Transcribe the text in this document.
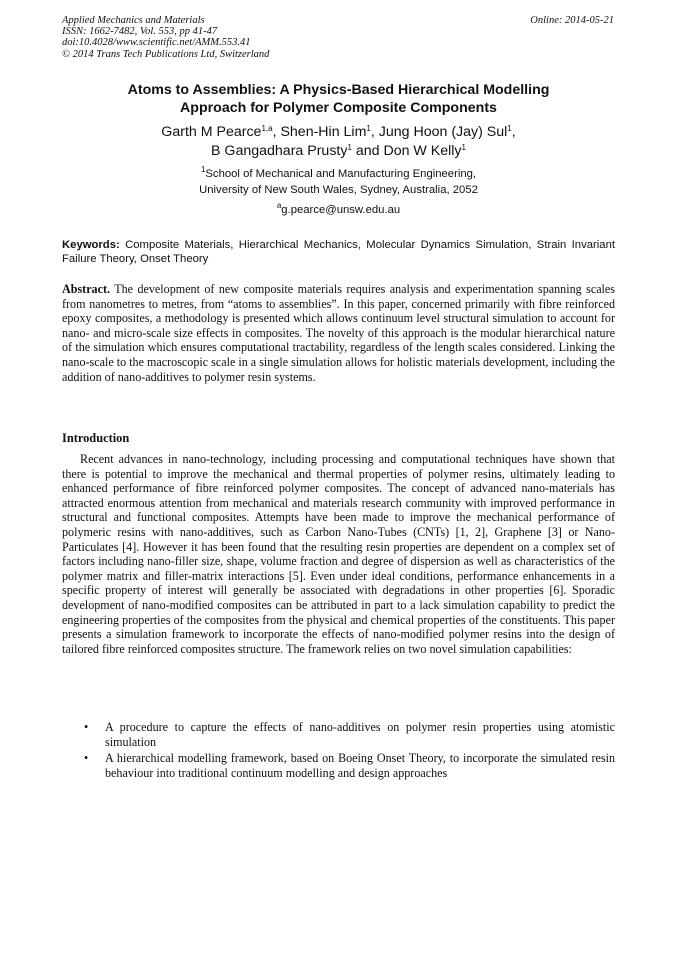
Applied Mechanics and Materials
ISSN: 1662-7482, Vol. 553, pp 41-47
doi:10.4028/www.scientific.net/AMM.553.41
© 2014 Trans Tech Publications Ltd, Switzerland
Online: 2014-05-21
Atoms to Assemblies: A Physics-Based Hierarchical Modelling
Approach for Polymer Composite Components
Garth M Pearce$^{1,a}$, Shen-Hin Lim$^1$, Jung Hoon (Jay) Sul$^1$,
B Gangadhara Prusty$^1$ and Don W Kelly$^1$
$^1$School of Mechanical and Manufacturing Engineering,
University of New South Wales, Sydney, Australia, 2052
$^a$g.pearce@unsw.edu.au
Keywords: Composite Materials, Hierarchical Mechanics, Molecular Dynamics Simulation, Strain Invariant Failure Theory, Onset Theory
Abstract. The development of new composite materials requires analysis and experimentation spanning scales from nanometres to metres, from “atoms to assemblies”. In this paper, concerned primarily with fibre reinforced epoxy composites, a methodology is presented which allows continuum level structural simulation to account for nano- and micro-scale size effects in composites. The novelty of this approach is the modular hierarchical nature of the simulation which ensures computational tractability, regardless of the length scales considered. Linking the nano-scale to the macroscopic scale in a single simulation allows for holistic materials development, including the addition of nano-additives to polymer resin systems.
Introduction
Recent advances in nano-technology, including processing and computational techniques have shown that there is potential to improve the mechanical and thermal properties of polymer resins, ultimately leading to enhanced performance of fibre reinforced polymer composites. The concept of advanced nano-materials has attracted enormous attention from mechanical and materials research community with improved performance in structural and functional composites. Attempts have been made to improve the mechanical performance of polymeric resins with nano-additives, such as Carbon Nano-Tubes (CNTs) [1, 2], Graphene [3] or Nano-Particulates [4]. However it has been found that the resulting resin properties are dependent on a complex set of factors including nano-filler size, shape, volume fraction and degree of dispersion as well as characteristics of the polymer matrix and filler-matrix interactions [5]. Even under ideal conditions, performance enhancements in a specific property of interest will generally be associated with degradations in other properties [6]. Sporadic development of nano-modified composites can be attributed in part to a lack simulation capability to predict the engineering properties of the composites from the physical and chemical properties of the constituents. This paper presents a simulation framework to incorporate the effects of nano-modified polymer resins into the design of tailored fibre reinforced composites structure. The framework relies on two novel simulation capabilities:
• A procedure to capture the effects of nano-additives on polymer resin properties using atomistic simulation
• A hierarchical modelling framework, based on Boeing Onset Theory, to incorporate the simulated resin behaviour into traditional continuum modelling and design approaches
